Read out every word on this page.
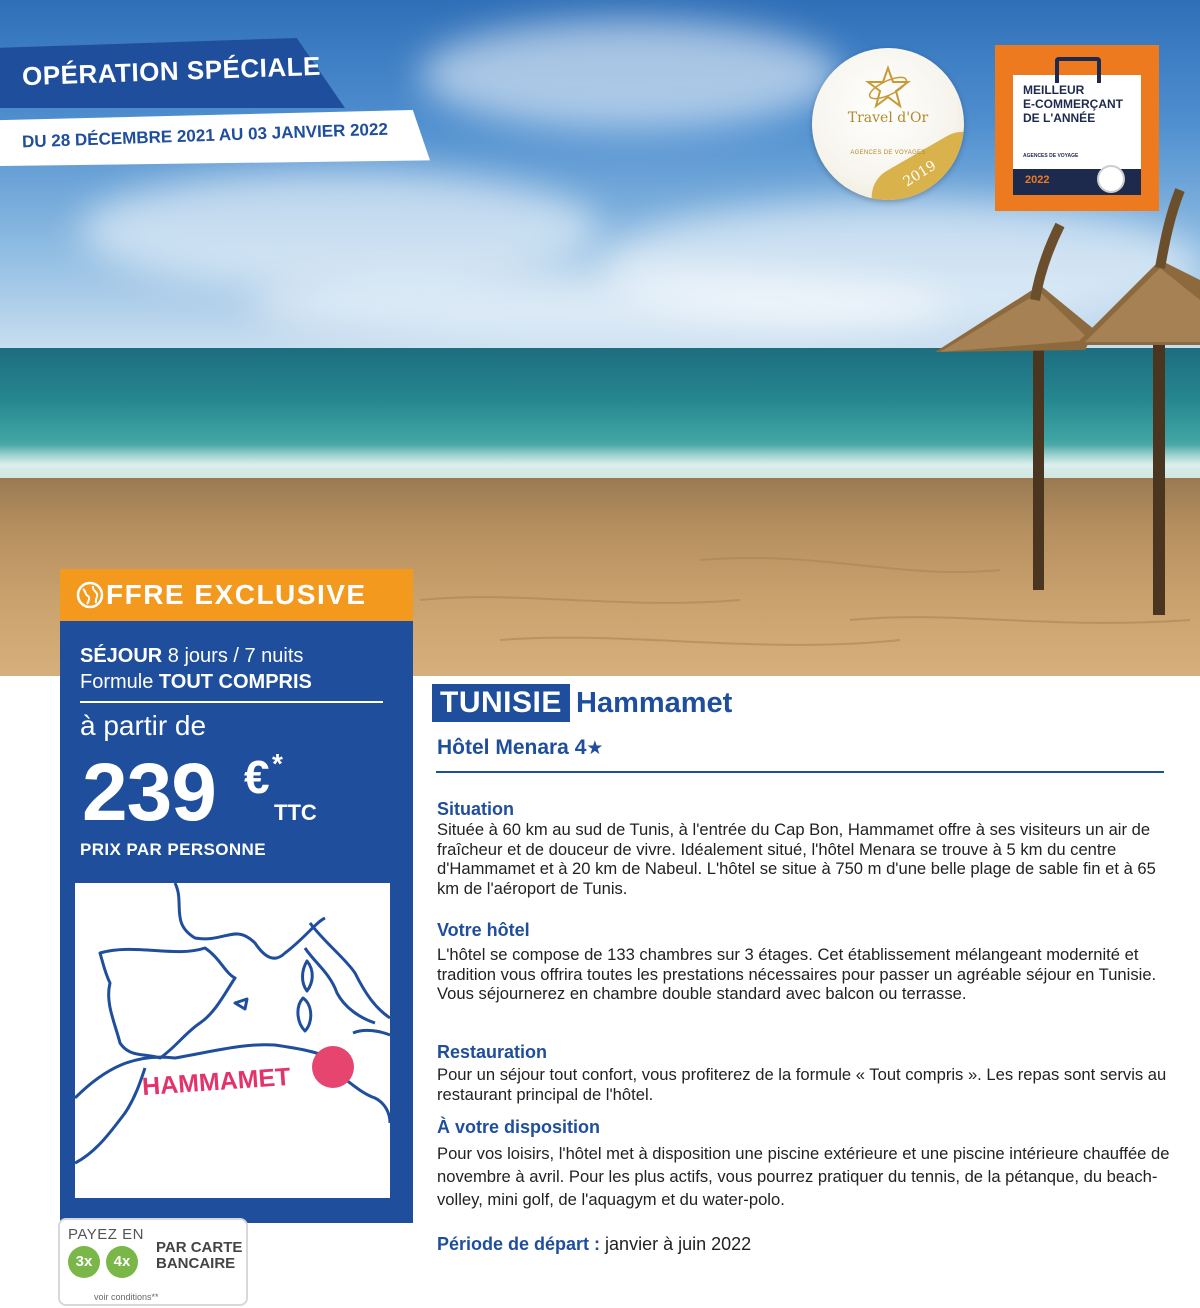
OPÉRATION SPÉCIALE
DU 28 DÉCEMBRE 2021 AU 03 JANVIER 2022
Travel d'Or
AGENCES DE VOYAGES
2019
MEILLEUR
E-COMMERÇANT
DE L'ANNÉE
AGENCES DE VOYAGE
2022
FFRE EXCLUSIVE
SÉJOUR 8 jours / 7 nuits
Formule TOUT COMPRIS
à partir de
239 € *
TTC
PRIX PAR PERSONNE
HAMMAMET
PAYEZ EN
3x	4x
PAR CARTE
BANCAIRE
voir conditions**
TUNISIE Hammamet
Hôtel Menara 4★
Situation
Située à 60 km au sud de Tunis, à l'entrée du Cap Bon, Hammamet offre à ses visiteurs un air de fraîcheur et de douceur de vivre. Idéalement situé, l'hôtel Menara se trouve à 5 km du centre d'Hammamet et à 20 km de Nabeul. L'hôtel se situe à 750 m d'une belle plage de sable fin et à 65 km de l'aéroport de Tunis.
Votre hôtel
L'hôtel se compose de 133 chambres sur 3 étages. Cet établissement mélangeant modernité et tradition vous offrira toutes les prestations nécessaires pour passer un agréable séjour en Tunisie. Vous séjournerez en chambre double standard avec balcon ou terrasse.
Restauration
Pour un séjour tout confort, vous profiterez de la formule « Tout compris ». Les repas sont servis au restaurant principal de l'hôtel.
À votre disposition
Pour vos loisirs, l'hôtel met à disposition une piscine extérieure et une piscine intérieure chauffée de novembre à avril. Pour les plus actifs, vous pourrez pratiquer du tennis, de la pétanque, du beach-volley, mini golf, de l'aquagym et du water-polo.
Période de départ : janvier à juin 2022
